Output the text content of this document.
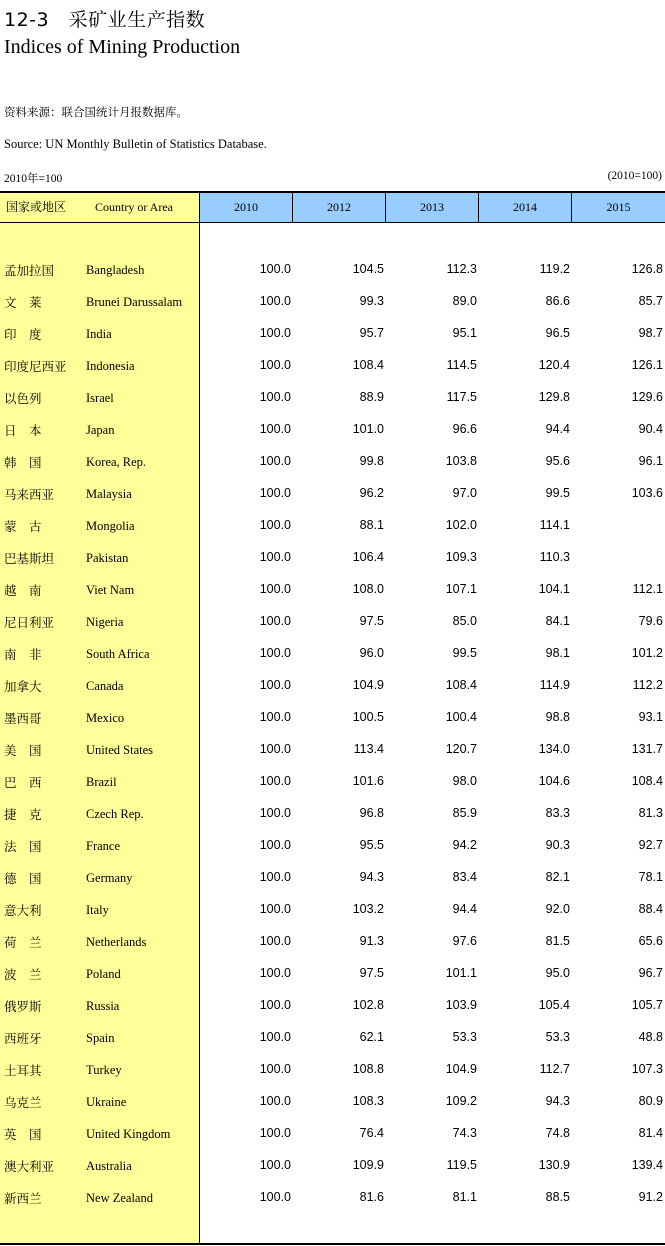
12-3　采矿业生产指数
Indices of Mining Production
资料来源：联合国统计月报数据库。
Source: UN Monthly Bulletin of Statistics Database.
2010年=100	(2010=100)
国家或地区	Country or Area	2010	2012	2013	2014	2015
孟加拉国	Bangladesh	100.0	104.5	112.3	119.2	126.8
文　莱	Brunei Darussalam	100.0	99.3	89.0	86.6	85.7
印　度	India	100.0	95.7	95.1	96.5	98.7
印度尼西亚 Indonesia	100.0	108.4	114.5	120.4	126.1
以色列	Israel	100.0	88.9	117.5	129.8	129.6
日　本	Japan	100.0	101.0	96.6	94.4	90.4
韩　国	Korea, Rep.	100.0	99.8	103.8	95.6	96.1
马来西亚	Malaysia	100.0	96.2	97.0	99.5	103.6
蒙　古	Mongolia	100.0	88.1	102.0	114.1
巴基斯坦	Pakistan	100.0	106.4	109.3	110.3
越　南	Viet Nam	100.0	108.0	107.1	104.1	112.1
尼日利亚	Nigeria	100.0	97.5	85.0	84.1	79.6
南　非	South Africa	100.0	96.0	99.5	98.1	101.2
加拿大	Canada	100.0	104.9	108.4	114.9	112.2
墨西哥	Mexico	100.0	100.5	100.4	98.8	93.1
美　国	United States	100.0	113.4	120.7	134.0	131.7
巴　西	Brazil	100.0	101.6	98.0	104.6	108.4
捷　克	Czech Rep.	100.0	96.8	85.9	83.3	81.3
法　国	France	100.0	95.5	94.2	90.3	92.7
德　国	Germany	100.0	94.3	83.4	82.1	78.1
意大利	Italy	100.0	103.2	94.4	92.0	88.4
荷　兰	Netherlands	100.0	91.3	97.6	81.5	65.6
波　兰	Poland	100.0	97.5	101.1	95.0	96.7
俄罗斯	Russia	100.0	102.8	103.9	105.4	105.7
西班牙	Spain	100.0	62.1	53.3	53.3	48.8
土耳其	Turkey	100.0	108.8	104.9	112.7	107.3
乌克兰	Ukraine	100.0	108.3	109.2	94.3	80.9
英　国	United Kingdom	100.0	76.4	74.3	74.8	81.4
澳大利亚	Australia	100.0	109.9	119.5	130.9	139.4
新西兰	New Zealand	100.0	81.6	81.1	88.5	91.2
